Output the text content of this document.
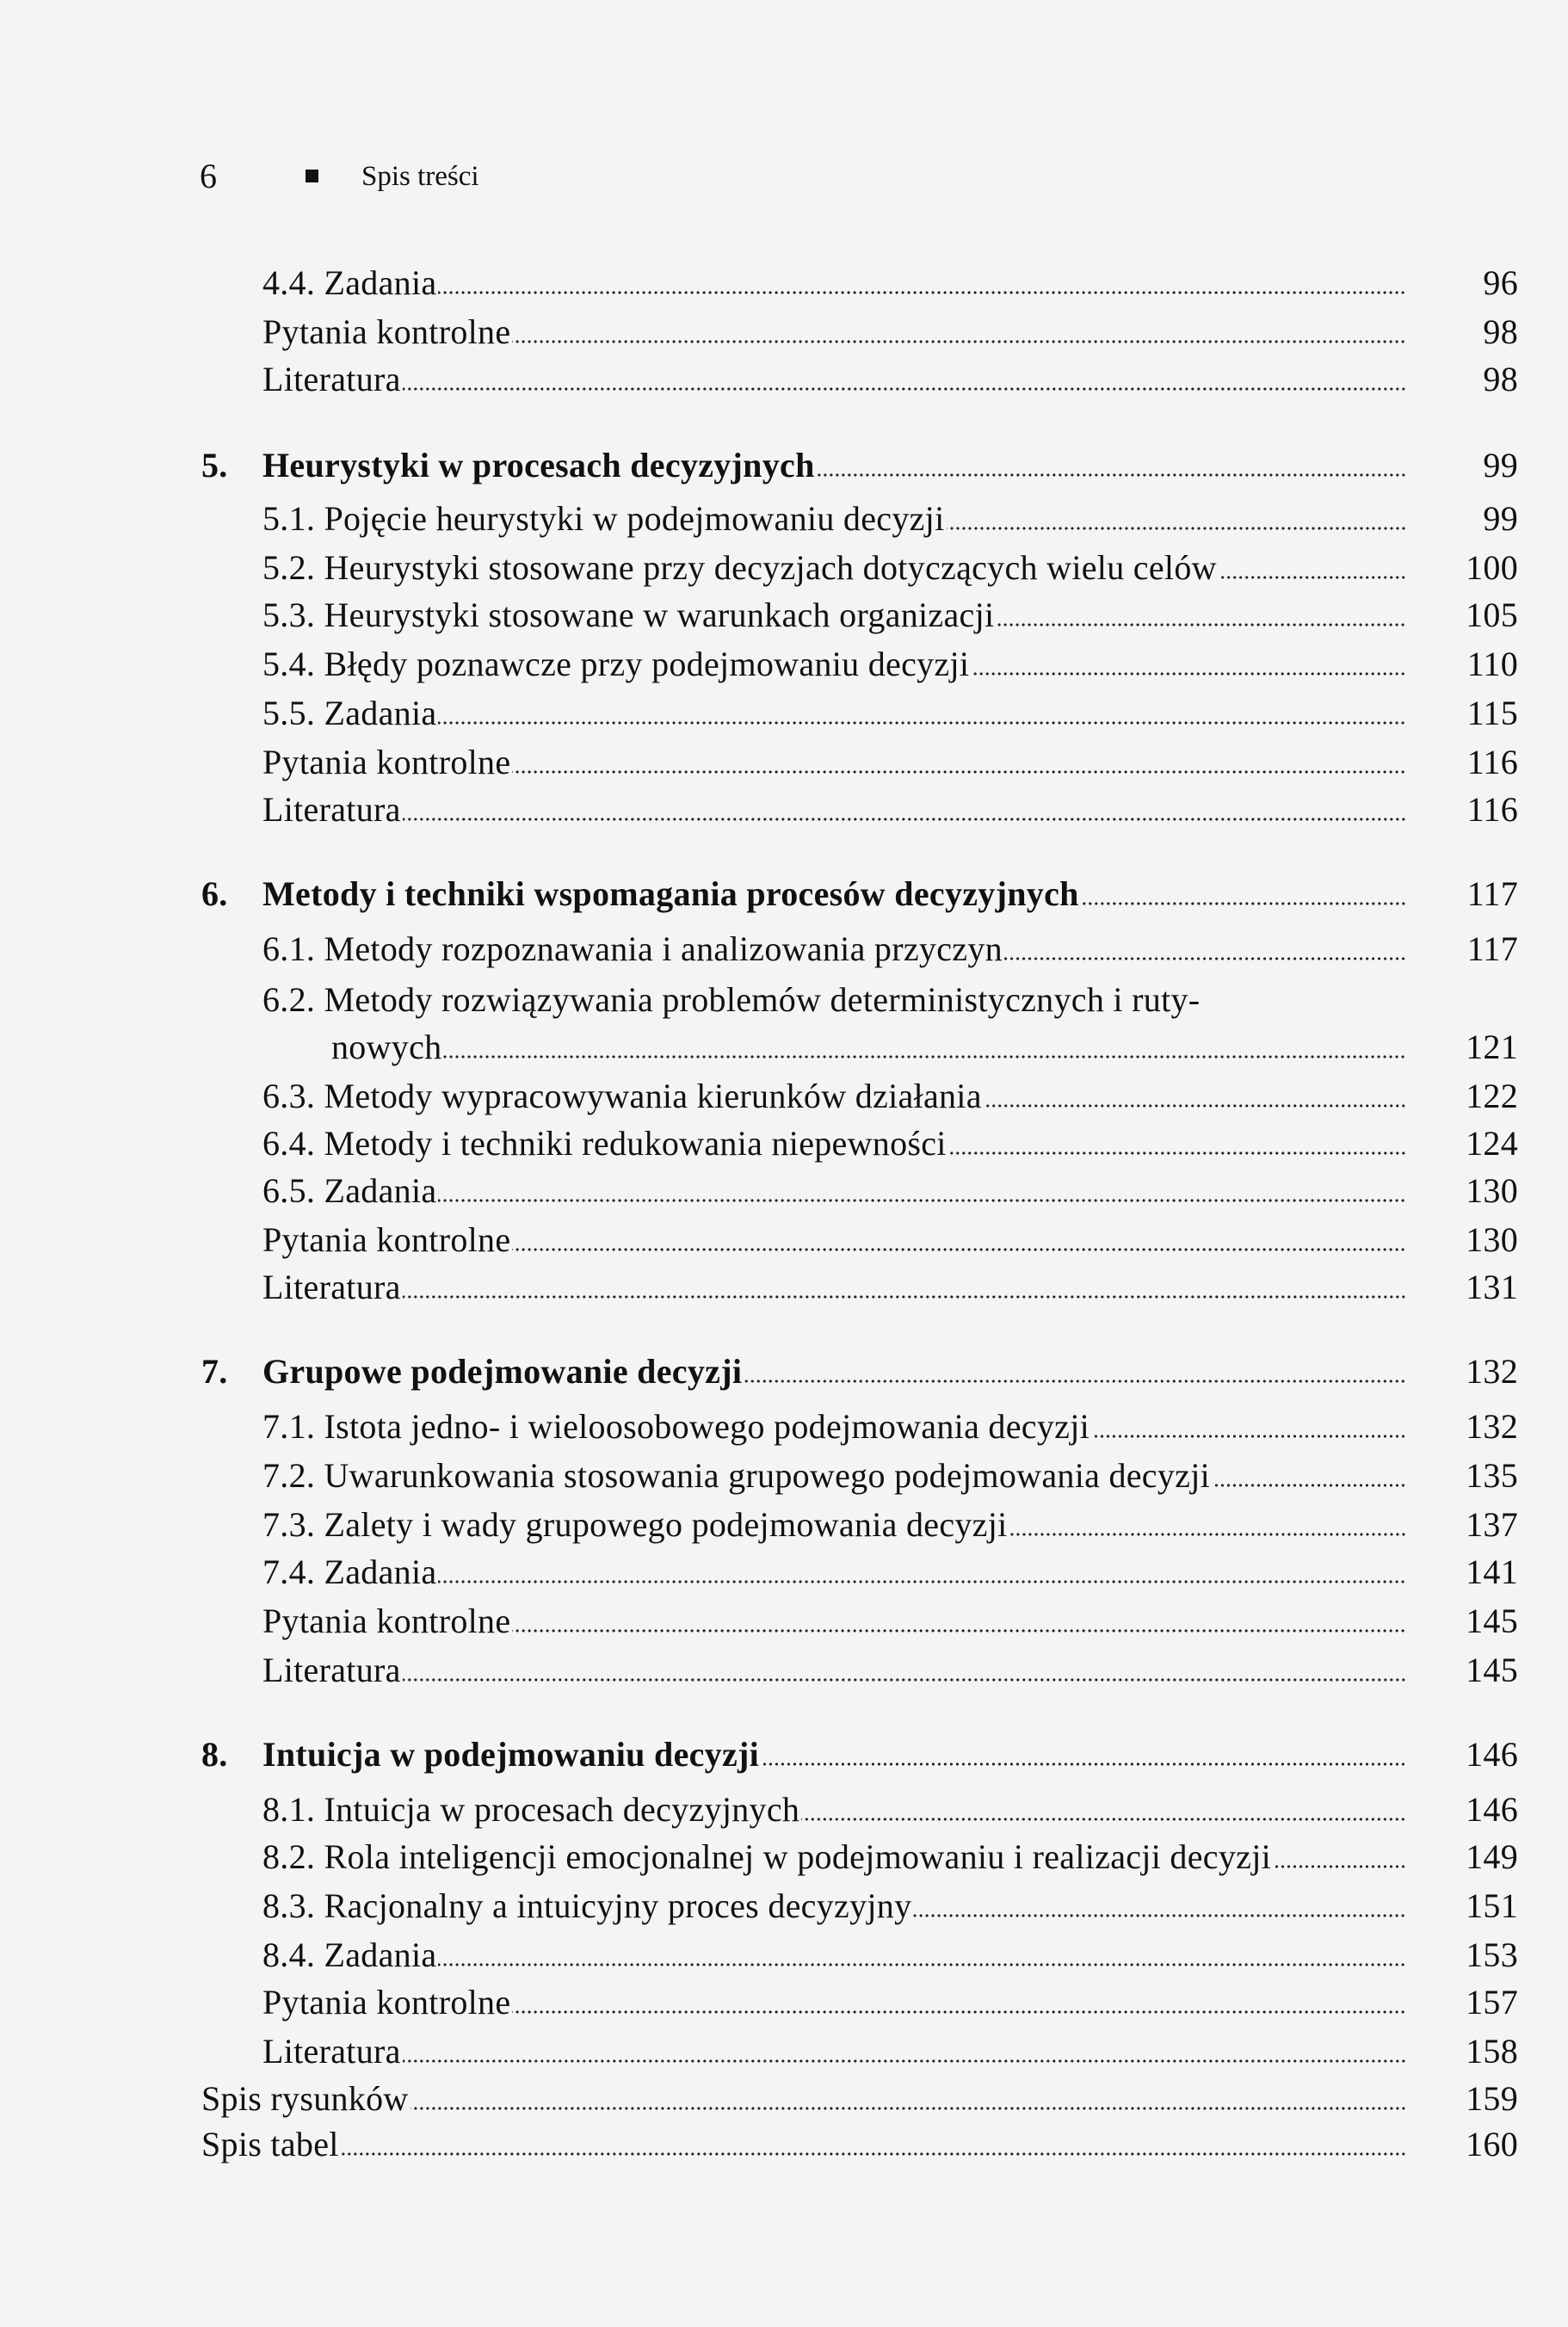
6	Spis treści
4.4. Zadania	96
Pytania kontrolne	98
Literatura	98
5. Heurystyki w procesach decyzyjnych	99
5.1. Pojęcie heurystyki w podejmowaniu decyzji	99
5.2. Heurystyki stosowane przy decyzjach dotyczących wielu celów	100
5.3. Heurystyki stosowane w warunkach organizacji	105
5.4. Błędy poznawcze przy podejmowaniu decyzji	110
5.5. Zadania	115
Pytania kontrolne	116
Literatura	116
6. Metody i techniki wspomagania procesów decyzyjnych	117
6.1. Metody rozpoznawania i analizowania przyczyn	117
6.2. Metody rozwiązywania problemów deterministycznych i ruty-
nowych	121
6.3. Metody wypracowywania kierunków działania	122
6.4. Metody i techniki redukowania niepewności	124
6.5. Zadania	130
Pytania kontrolne	130
Literatura	131
7. Grupowe podejmowanie decyzji	132
7.1. Istota jedno- i wieloosobowego podejmowania decyzji	132
7.2. Uwarunkowania stosowania grupowego podejmowania decyzji	135
7.3. Zalety i wady grupowego podejmowania decyzji	137
7.4. Zadania	141
Pytania kontrolne	145
Literatura	145
8. Intuicja w podejmowaniu decyzji	146
8.1. Intuicja w procesach decyzyjnych	146
8.2. Rola inteligencji emocjonalnej w podejmowaniu i realizacji decyzji	149
8.3. Racjonalny a intuicyjny proces decyzyjny	151
8.4. Zadania	153
Pytania kontrolne	157
Literatura	158
Spis rysunków	159
Spis tabel	160
